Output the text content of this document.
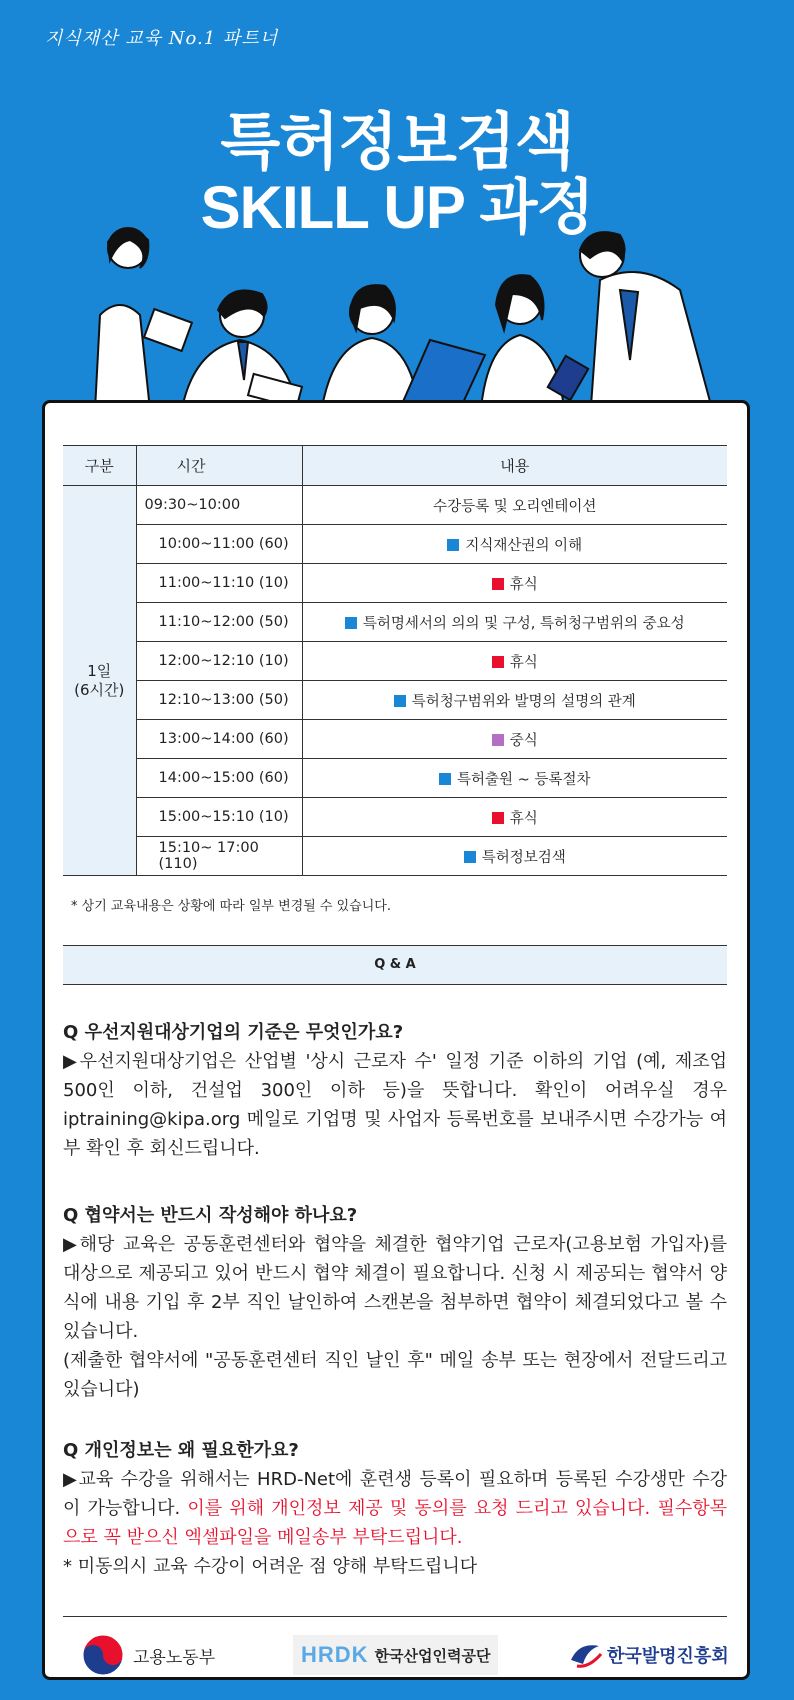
지식재산 교육 No.1 파트너
특허정보검색
SKILL UP 과정
구분	시간	내용

1일
(6시간)	09:30~10:00	수강등록 및 오리엔테이션
	10:00~11:00 (60)	지식재산권의 이해
	11:00~11:10 (10)	휴식
	11:10~12:00 (50)	특허명세서의 의의 및 구성, 특허청구범위의 중요성
	12:00~12:10 (10)	휴식
	12:10~13:00 (50)	특허청구범위와 발명의 설명의 관계
	13:00~14:00 (60)	중식
	14:00~15:00 (60)	특허출원 ~ 등록절차
	15:00~15:10 (10)	휴식
	15:10~ 17:00 (110)	특허정보검색
* 상기 교육내용은 상황에 따라 일부 변경될 수 있습니다.
Q & A
Q 우선지원대상기업의 기준은 무엇인가요?
▶우선지원대상기업은 산업별 '상시 근로자 수' 일정 기준 이하의 기업 (예, 제조업 500인 이하, 건설업 300인 이하 등)을 뜻합니다. 확인이 어려우실 경우 iptraining@kipa.org 메일로 기업명 및 사업자 등록번호를 보내주시면 수강가능 여부 확인 후 회신드립니다.
Q 협약서는 반드시 작성해야 하나요?
▶해당 교육은 공동훈련센터와 협약을 체결한 협약기업 근로자(고용보험 가입자)를 대상으로 제공되고 있어 반드시 협약 체결이 필요합니다. 신청 시 제공되는 협약서 양식에 내용 기입 후 2부 직인 날인하여 스캔본을 첨부하면 협약이 체결되었다고 볼 수 있습니다.
(제출한 협약서에 "공동훈련센터 직인 날인 후" 메일 송부 또는 현장에서 전달드리고 있습니다)
Q 개인정보는 왜 필요한가요?
▶교육 수강을 위해서는 HRD-Net에 훈련생 등록이 필요하며 등록된 수강생만 수강이 가능합니다. 이를 위해 개인정보 제공 및 동의를 요청 드리고 있습니다. 필수항목으로 꼭 받으신 엑셀파일을 메일송부 부탁드립니다.
* 미동의시 교육 수강이 어려운 점 양해 부탁드립니다
고용노동부	HRDK 한국산업인력공단	한국발명진흥회
